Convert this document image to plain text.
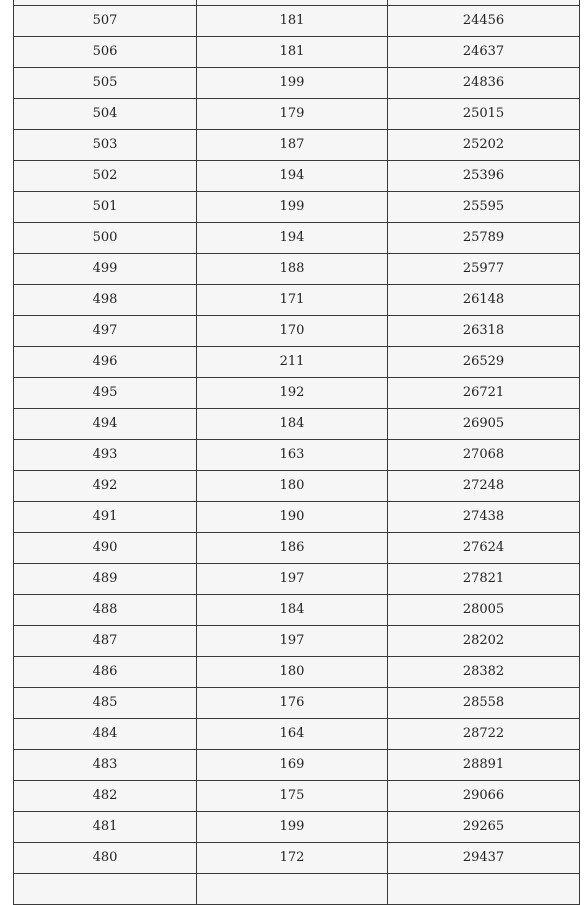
507	181	24456
506	181	24637
505	199	24836
504	179	25015
503	187	25202
502	194	25396
501	199	25595
500	194	25789
499	188	25977
498	171	26148
497	170	26318
496	211	26529
495	192	26721
494	184	26905
493	163	27068
492	180	27248
491	190	27438
490	186	27624
489	197	27821
488	184	28005
487	197	28202
486	180	28382
485	176	28558
484	164	28722
483	169	28891
482	175	29066
481	199	29265
480	172	29437
